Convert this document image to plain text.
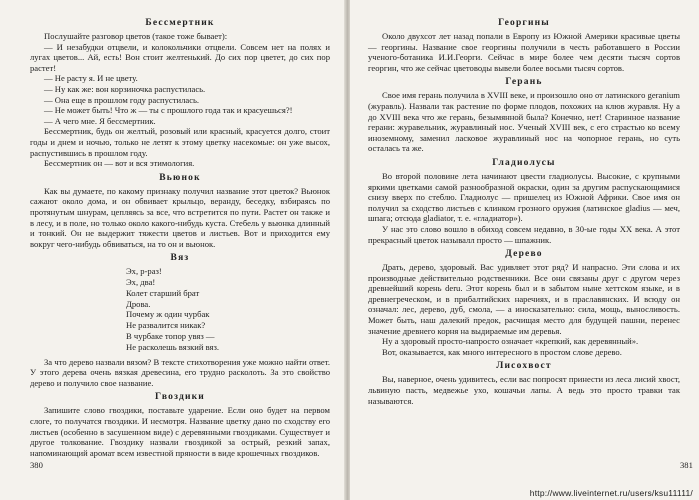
Бессмертник

Послушайте разговор цветов (такое тоже бывает):

— И незабудки отцвели, и колокольчики отцвели. Совсем нет на полях и лугах цветов... Ай, есть! Вон стоит желтенький. До сих пор цветет, до сих пор растет!

— Не расту я. И не цвету.

— Ну как же: вон корзиночка распустилась.

— Она еще в прошлом году распустилась.

— Не может быть! Что ж — ты с прошлого года так и красуешься?!

— А чего мне. Я бессмертник.

Бессмертник, будь он желтый, розовый или красный, красуется долго, стоит годы и днем и ночью, только не летят к этому цветку насекомые: он уже высох, распустившись в прошлом году.

Бессмертник он — вот и вся этимология.

Вьюнок

Как вы думаете, по какому признаку получил название этот цветок? Вьюнок сажают около дома, и он обвивает крыльцо, веранду, беседку, взбираясь по протянутым шнурам, цепляясь за все, что встретится по пути. Растет он также и в лесу, и в поле, но только около какого-нибудь куста. Стебель у вьюнка длинный и тонкий. Он не выдержит тяжести цветов и листьев. Вот и приходится ему вокруг чего-нибудь обвиваться, на то он и вьюнок.

Вяз
Эх, р-раз!
Эх, два!
Колет старший брат
Дрова.
Почему ж один чурбак
Не развалится никак?
В чурбаке топор увяз —
Не расколешь вязкий вяз.

За что дерево назвали вязом? В тексте стихотворения уже можно найти ответ. У этого дерева очень вязкая древесина, его трудно расколоть. За это свойство дерево и получило свое название.

Гвоздики

Запишите слово гвоздики, поставьте ударение. Если оно будет на первом слоге, то получатся гвоздики. И несмотря. Название цветку дано по сходству его листьев (особенно в засушенном виде) с деревянными гвоздиками. Существует и другое толкование. Гвоздику назвали гвоздикой за острый, резкий запах, напоминающий аромат всем известной пряности в виде крошечных гвоздиков.

380
Георгины

Около двухсот лет назад попали в Европу из Южной Америки красивые цветы — георгины. Название свое георгины получили в честь работавшего в России ученого-ботаника И.И.Георги. Сейчас в мире более чем десяти тысяч сортов георгин, что же сейчас цветоводы вывели более восьми тысяч сортов.

Герань

Свое имя герань получила в XVIII веке, и произошло оно от латинского geranium (журавль). Назвали так растение по форме плодов, похожих на клюв журавля. Ну а до XVIII века что же герань, безымянной была? Конечно, нет! Старинное название герани: журавельник, журавлиный нос. Ученый XVIII век, с его страстью ко всему иноземному, заменил ласковое журавлиный нос на чопорное герань, но суть осталась та же.

Гладиолусы

Во второй половине лета начинают цвести гладиолусы. Высокие, с крупными яркими цветками самой разнообразной окраски, один за другим распускающимися снизу вверх по стеблю. Гладиолус — пришелец из Южной Африки. Свое имя он получил за сходство листьев с клинком грозного оружия (латинское gladius — меч, шпага; отсюда gladiator, т. е. «гладиатор»).

У нас это слово вошло в обиход совсем недавно, в 30-ые годы XX века. А этот прекрасный цветок называлл просто — шпажник.

Дерево

Драть, дерево, здоровый. Вас удивляет этот ряд? И напрасно. Эти слова и их производные действительно родственники. Все они связаны друг с другом через древнейший корень deru. Этот корень был и в забытом ныне хеттском языке, и в древнегреческом, и в прибалтийских наречиях, и в праславянских. И всюду он означал: лес, дерево, дуб, смола, — а иносказательно: сила, мощь, выносливость. Может быть, наш далекий предок, расчищая место для будущей пашни, перенес значение древнего корня на выдираемые им деревья.

Ну а здоровый просто-напросто означает «крепкий, как деревянный».

Вот, оказывается, как много интересного в простом слове дерево.

Лисохвост

Вы, наверное, очень удивитесь, если вас попросят принести из леса лисий хвост, львиную пасть, медвежье ухо, кошачьи лапы. А ведь это просто травки так называются.

381
http://www.liveinternet.ru/users/ksu11111/
